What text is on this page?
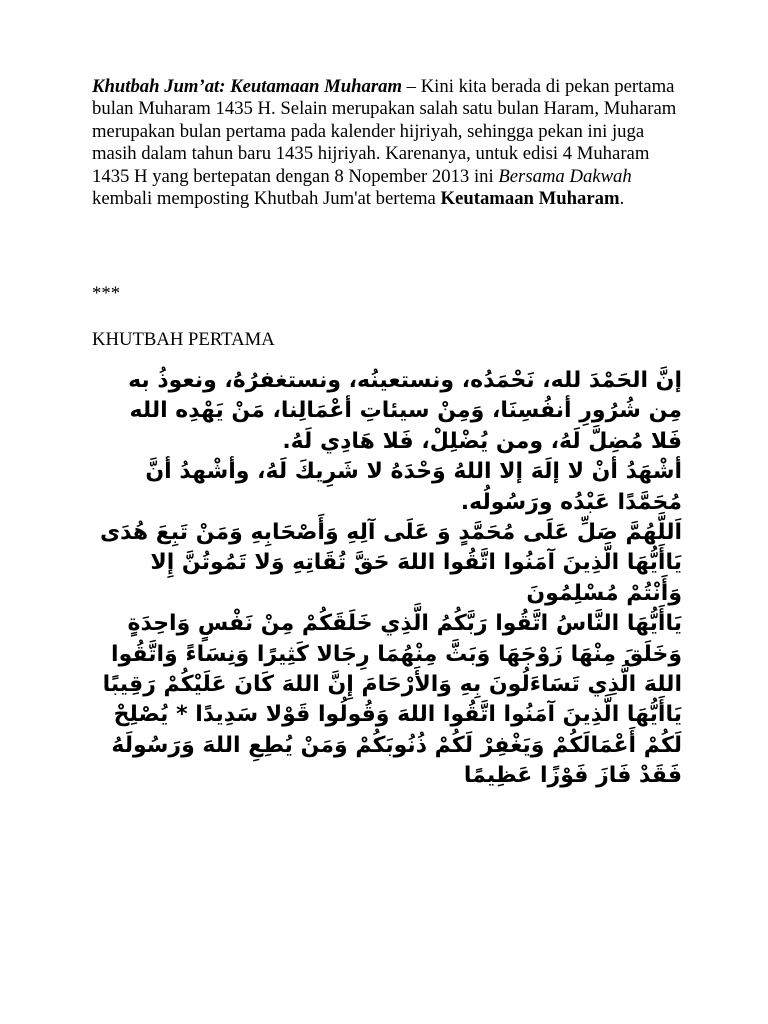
Khutbah Jum’at: Keutamaan Muharam – Kini kita berada di pekan pertama bulan Muharam 1435 H. Selain merupakan salah satu bulan Haram, Muharam merupakan bulan pertama pada kalender hijriyah, sehingga pekan ini juga masih dalam tahun baru 1435 hijriyah. Karenanya, untuk edisi 4 Muharam 1435 H yang bertepatan dengan 8 Nopember 2013 ini Bersama Dakwah kembali memposting Khutbah Jum'at bertema Keutamaan Muharam.

***
KHUTBAH PERTAMA

إنَّ الحَمْدَ لله، نَحْمَدُه، ونستعينُه، ونستغفرُهُ، ونعوذُ به مِن شُرُورِ أنفُسِنَا، وَمِنْ سيئاتِ أعْمَالِنا، مَنْ يَهْدِه الله فَلا مُضِلَّ لَهُ، ومن يُضْلِلْ، فَلا هَادِي لَهُ.

أشْهَدُ أنْ لا إلَهَ إلا اللهُ وَحْدَهُ لا شَرِيكَ لَهُ، وأشْهدُ أنَّ مُحَمَّدًا عَبْدُه ورَسُولُه.

اَللَّهُمَّ صَلِّ عَلَى مُحَمَّدٍ وَ عَلَى آلِهِ وَأَصْحَابِهِ وَمَنْ تَبِعَ هُدَى

يَاأَيُّهَا الَّذِينَ آمَنُوا اتَّقُوا اللهَ حَقَّ تُقَاتِهِ وَلا تَمُوتُنَّ إِلا وَأَنْتُمْ مُسْلِمُونَ

يَاأَيُّهَا النَّاسُ اتَّقُوا رَبَّكُمُ الَّذِي خَلَقَكُمْ مِنْ نَفْسٍ وَاحِدَةٍ وَخَلَقَ مِنْهَا زَوْجَهَا وَبَثَّ مِنْهُمَا رِجَالا كَثِيرًا وَنِسَاءً وَاتَّقُوا اللهَ الَّذِي تَسَاءَلُونَ بِهِ وَالأَرْحَامَ إِنَّ اللهَ كَانَ عَلَيْكُمْ رَقِيبًا

يَاأَيُّهَا الَّذِينَ آمَنُوا اتَّقُوا اللهَ وَقُولُوا قَوْلا سَدِيدًا * يُصْلِحْ لَكُمْ أَعْمَالَكُمْ وَيَغْفِرْ لَكُمْ ذُنُوبَكُمْ وَمَنْ يُطِعِ اللهَ وَرَسُولَهُ فَقَدْ فَازَ فَوْزًا عَظِيمًا
